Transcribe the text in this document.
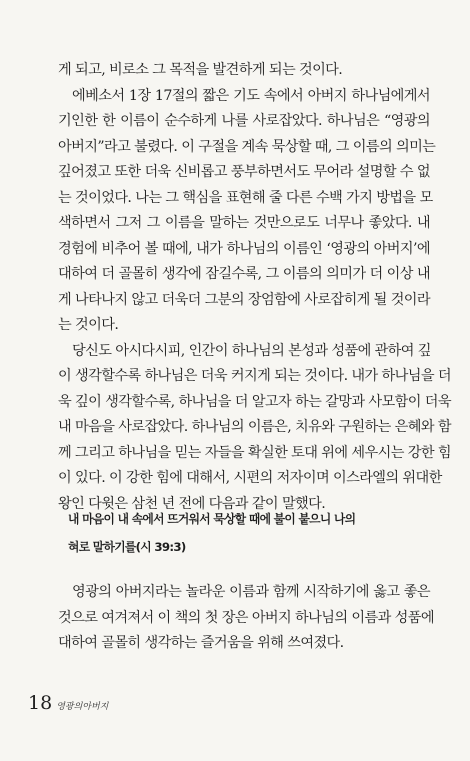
게 되고, 비로소 그 목적을 발견하게 되는 것이다.
에베소서 1장 17절의 짧은 기도 속에서 아버지 하나님에게서
기인한 한 이름이 순수하게 나를 사로잡았다. 하나님은 “영광의
아버지”라고 불렸다. 이 구절을 계속 묵상할 때, 그 이름의 의미는
깊어졌고 또한 더욱 신비롭고 풍부하면서도 무어라 설명할 수 없
는 것이었다. 나는 그 핵심을 표현해 줄 다른 수백 가지 방법을 모
색하면서 그저 그 이름을 말하는 것만으로도 너무나 좋았다. 내
경험에 비추어 볼 때에, 내가 하나님의 이름인 ‘영광의 아버지’에
대하여 더 골몰히 생각에 잠길수록, 그 이름의 의미가 더 이상 내
게 나타나지 않고 더욱더 그분의 장엄함에 사로잡히게 될 것이라
는 것이다.
당신도 아시다시피, 인간이 하나님의 본성과 성품에 관하여 깊
이 생각할수록 하나님은 더욱 커지게 되는 것이다. 내가 하나님을 더
욱 깊이 생각할수록, 하나님을 더 알고자 하는 갈망과 사모함이 더욱
내 마음을 사로잡았다. 하나님의 이름은, 치유와 구원하는 은혜와 함
께 그리고 하나님을 믿는 자들을 확실한 토대 위에 세우시는 강한 힘
이 있다. 이 강한 힘에 대해서, 시편의 저자이며 이스라엘의 위대한
왕인 다윗은 삼천 년 전에 다음과 같이 말했다.
내 마음이 내 속에서 뜨거워서 묵상할 때에 불이 붙으니 나의
혀로 말하기를(시 39:3)
영광의 아버지라는 놀라운 이름과 함께 시작하기에 옳고 좋은
것으로 여겨져서 이 책의 첫 장은 아버지 하나님의 이름과 성품에
대하여 골몰히 생각하는 즐거움을 위해 쓰여졌다.
18 영광의아버지
